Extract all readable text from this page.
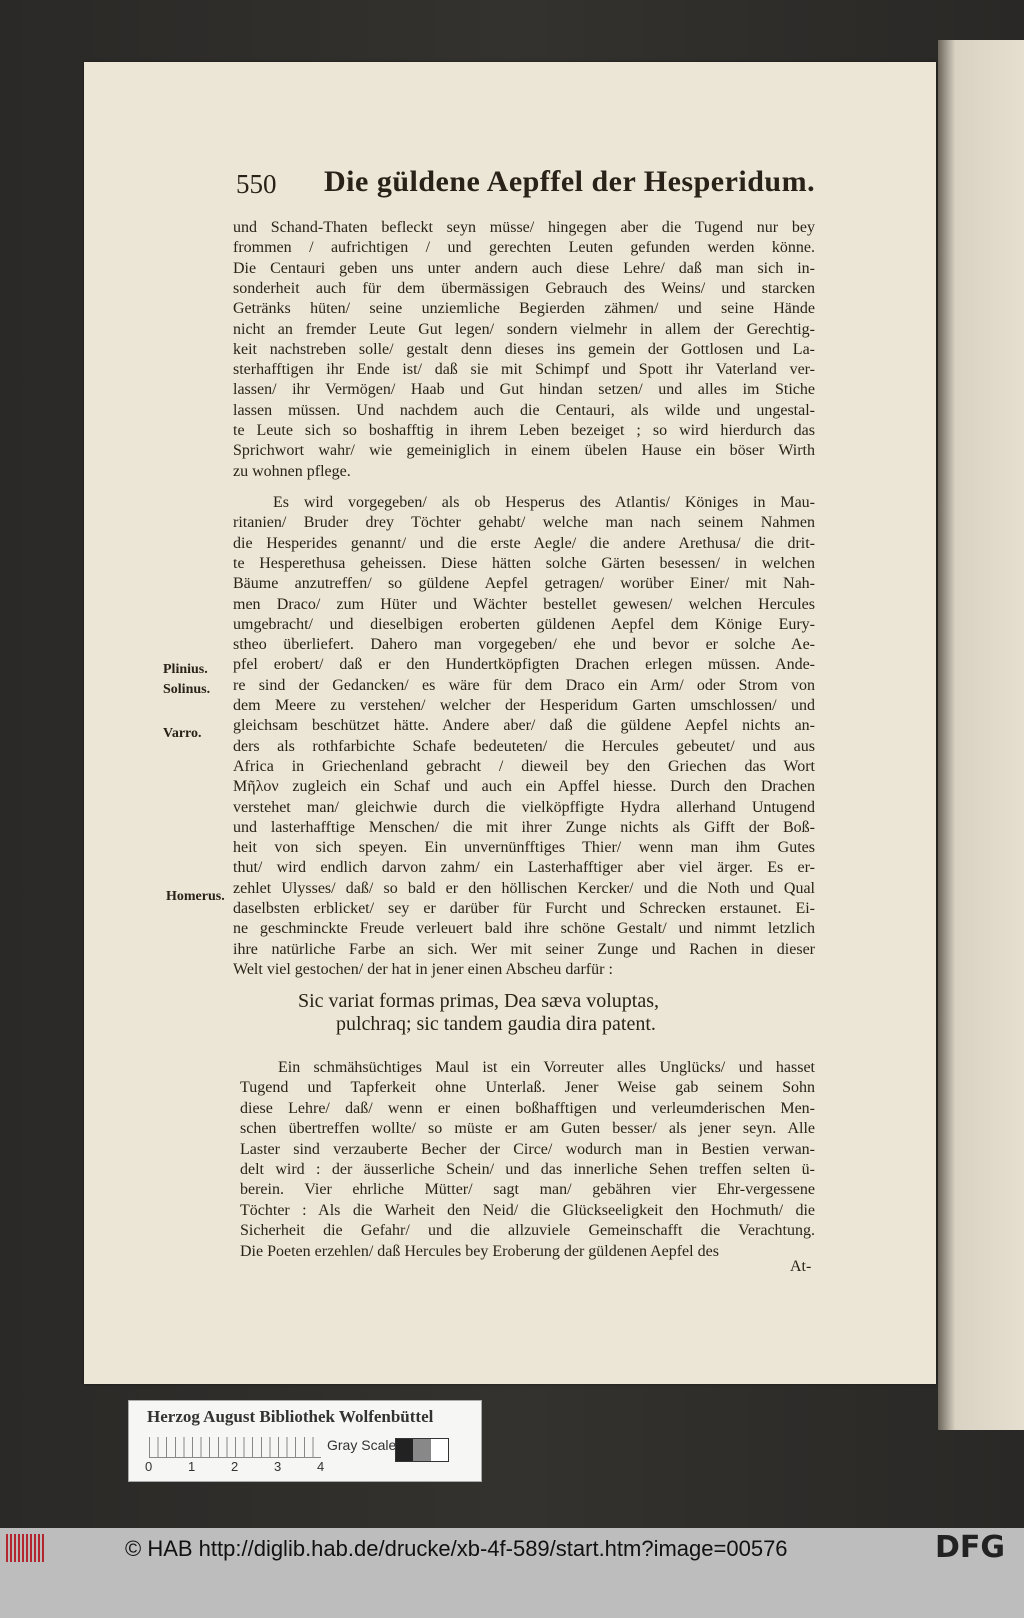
550 Die güldene Aepffel der Hesperidum.
und Schand-Thaten befleckt seyn müsse/ hingegen aber die Tugend nur bey
frommen / aufrichtigen / und gerechten Leuten gefunden werden könne.
Die Centauri geben uns unter andern auch diese Lehre/ daß man sich in-
sonderheit auch für dem übermässigen Gebrauch des Weins/ und starcken
Getränks hüten/ seine unziemliche Begierden zähmen/ und seine Hände
nicht an fremder Leute Gut legen/ sondern vielmehr in allem der Gerechtig-
keit nachstreben solle/ gestalt denn dieses ins gemein der Gottlosen und La-
sterhafftigen ihr Ende ist/ daß sie mit Schimpf und Spott ihr Vaterland ver-
lassen/ ihr Vermögen/ Haab und Gut hindan setzen/ und alles im Stiche
lassen müssen. Und nachdem auch die Centauri, als wilde und ungestal-
te Leute sich so boshafftig in ihrem Leben bezeiget ; so wird hierdurch das
Sprichwort wahr/ wie gemeiniglich in einem übelen Hause ein böser Wirth
zu wohnen pflege.
Es wird vorgegeben/ als ob Hesperus des Atlantis/ Königes in Mau-
ritanien/ Bruder drey Töchter gehabt/ welche man nach seinem Nahmen
die Hesperides genannt/ und die erste Aegle/ die andere Arethusa/ die drit-
te Hesperethusa geheissen. Diese hätten solche Gärten besessen/ in welchen
Bäume anzutreffen/ so güldene Aepfel getragen/ worüber Einer/ mit Nah-
men Draco/ zum Hüter und Wächter bestellet gewesen/ welchen Hercules
umgebracht/ und dieselbigen eroberten güldenen Aepfel dem Könige Eury-
stheo überliefert. Dahero man vorgegeben/ ehe und bevor er solche Ae-
pfel erobert/ daß er den Hundertköpfigten Drachen erlegen müssen. Ande-
re sind der Gedancken/ es wäre für dem Draco ein Arm/ oder Strom von
dem Meere zu verstehen/ welcher der Hesperidum Garten umschlossen/ und
gleichsam beschützet hätte. Andere aber/ daß die güldene Aepfel nichts an-
ders als rothfarbichte Schafe bedeuteten/ die Hercules gebeutet/ und aus
Africa in Griechenland gebracht / dieweil bey den Griechen das Wort
Μῆλον zugleich ein Schaf und auch ein Apffel hiesse. Durch den Drachen
verstehet man/ gleichwie durch die vielköpffigte Hydra allerhand Untugend
und lasterhafftige Menschen/ die mit ihrer Zunge nichts als Gifft der Boß-
heit von sich speyen. Ein unvernünfftiges Thier/ wenn man ihm Gutes
thut/ wird endlich darvon zahm/ ein Lasterhafftiger aber viel ärger. Es er-
zehlet Ulysses/ daß/ so bald er den höllischen Kercker/ und die Noth und Qual
daselbsten erblicket/ sey er darüber für Furcht und Schrecken erstaunet. Ei-
ne geschminckte Freude verleuert bald ihre schöne Gestalt/ und nimmt letzlich
ihre natürliche Farbe an sich. Wer mit seiner Zunge und Rachen in dieser
Welt viel gestochen/ der hat in jener einen Abscheu darfür :
Ein schmähsüchtiges Maul ist ein Vorreuter alles Unglücks/ und hasset
Tugend und Tapferkeit ohne Unterlaß. Jener Weise gab seinem Sohn
diese Lehre/ daß/ wenn er einen boßhafftigen und verleumderischen Men-
schen übertreffen wollte/ so müste er am Guten besser/ als jener seyn. Alle
Laster sind verzauberte Becher der Circe/ wodurch man in Bestien verwan-
delt wird : der äusserliche Schein/ und das innerliche Sehen treffen selten ü-
berein. Vier ehrliche Mütter/ sagt man/ gebähren vier Ehr-vergessene
Töchter : Als die Warheit den Neid/ die Glückseeligkeit den Hochmuth/ die
Sicherheit die Gefahr/ und die allzuviele Gemeinschafft die Verachtung.
Die Poeten erzehlen/ daß Hercules bey Eroberung der güldenen Aepfel des
Plinius.
Solinus.
Varro.
Homerus.
Sic variat formas primas, Dea sæva voluptas,
pulchraq; sic tandem gaudia dira patent.
At-
Herzog August Bibliothek Wolfenbüttel
0	1	2	3	4
Gray Scale
© HAB http://diglib.hab.de/drucke/xb-4f-589/start.htm?image=00576	DFG
